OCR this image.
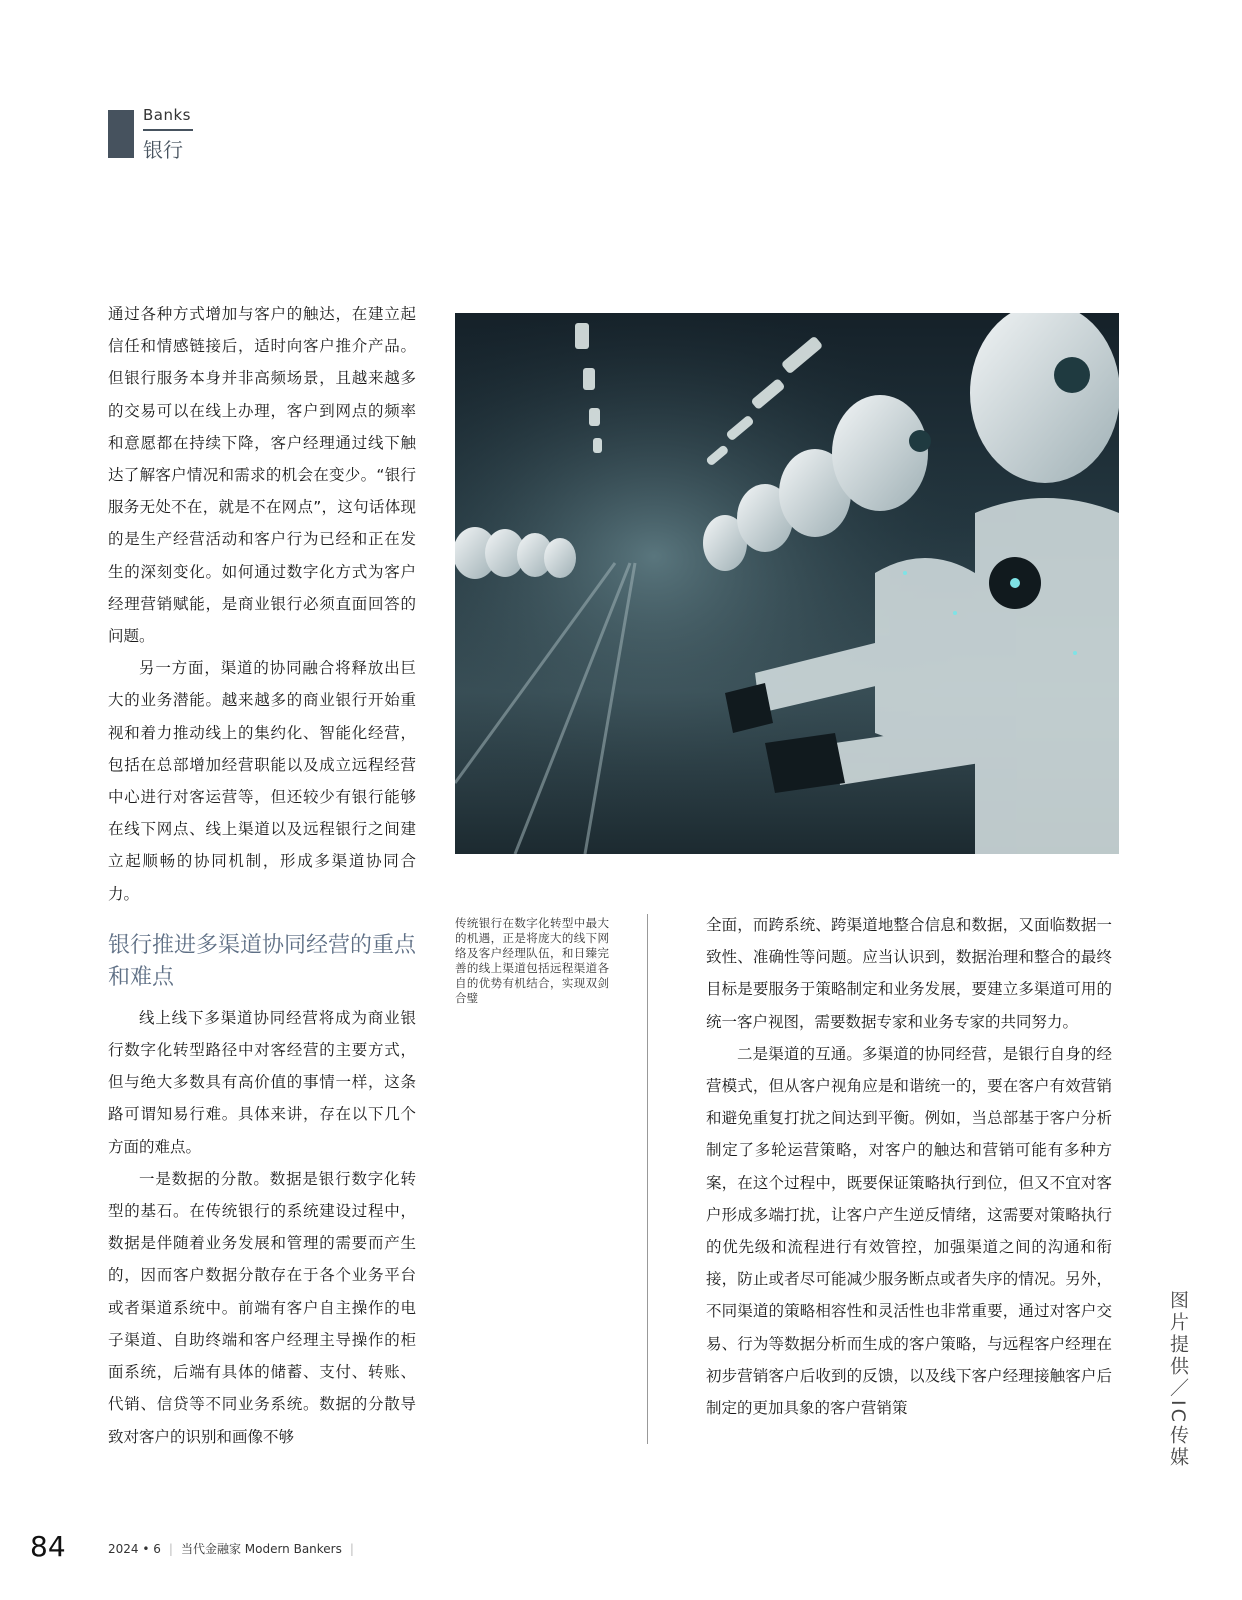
Banks
银行

通过各种方式增加与客户的触达，在建立起信任和情感链接后，适时向客户推介产品。但银行服务本身并非高频场景，且越来越多的交易可以在线上办理，客户到网点的频率和意愿都在持续下降，客户经理通过线下触达了解客户情况和需求的机会在变少。“银行服务无处不在，就是不在网点”，这句话体现的是生产经营活动和客户行为已经和正在发生的深刻变化。如何通过数字化方式为客户经理营销赋能，是商业银行必须直面回答的问题。

另一方面，渠道的协同融合将释放出巨大的业务潜能。越来越多的商业银行开始重视和着力推动线上的集约化、智能化经营，包括在总部增加经营职能以及成立远程经营中心进行对客运营等，但还较少有银行能够在线下网点、线上渠道以及远程银行之间建立起顺畅的协同机制，形成多渠道协同合力。

银行推进多渠道协同经营的重点和难点

线上线下多渠道协同经营将成为商业银行数字化转型路径中对客经营的主要方式，但与绝大多数具有高价值的事情一样，这条路可谓知易行难。具体来讲，存在以下几个方面的难点。

一是数据的分散。数据是银行数字化转型的基石。在传统银行的系统建设过程中，数据是伴随着业务发展和管理的需要而产生的，因而客户数据分散存在于各个业务平台或者渠道系统中。前端有客户自主操作的电子渠道、自助终端和客户经理主导操作的柜面系统，后端有具体的储蓄、支付、转账、代销、信贷等不同业务系统。数据的分散导致对客户的识别和画像不够

传统银行在数字化转型中最大的机遇，正是将庞大的线下网络及客户经理队伍，和日臻完善的线上渠道包括远程渠道各自的优势有机结合，实现双剑合璧

全面，而跨系统、跨渠道地整合信息和数据，又面临数据一致性、准确性等问题。应当认识到，数据治理和整合的最终目标是要服务于策略制定和业务发展，要建立多渠道可用的统一客户视图，需要数据专家和业务专家的共同努力。

二是渠道的互通。多渠道的协同经营，是银行自身的经营模式，但从客户视角应是和谐统一的，要在客户有效营销和避免重复打扰之间达到平衡。例如，当总部基于客户分析制定了多轮运营策略，对客户的触达和营销可能有多种方案，在这个过程中，既要保证策略执行到位，但又不宜对客户形成多端打扰，让客户产生逆反情绪，这需要对策略执行的优先级和流程进行有效管控，加强渠道之间的沟通和衔接，防止或者尽可能减少服务断点或者失序的情况。另外，不同渠道的策略相容性和灵活性也非常重要，通过对客户交易、行为等数据分析而生成的客户策略，与远程客户经理在初步营销客户后收到的反馈，以及线下客户经理接触客户后制定的更加具象的客户营销策	图片提供／IC传媒
84	2024 • 6 | 当代金融家 Modern Bankers |
